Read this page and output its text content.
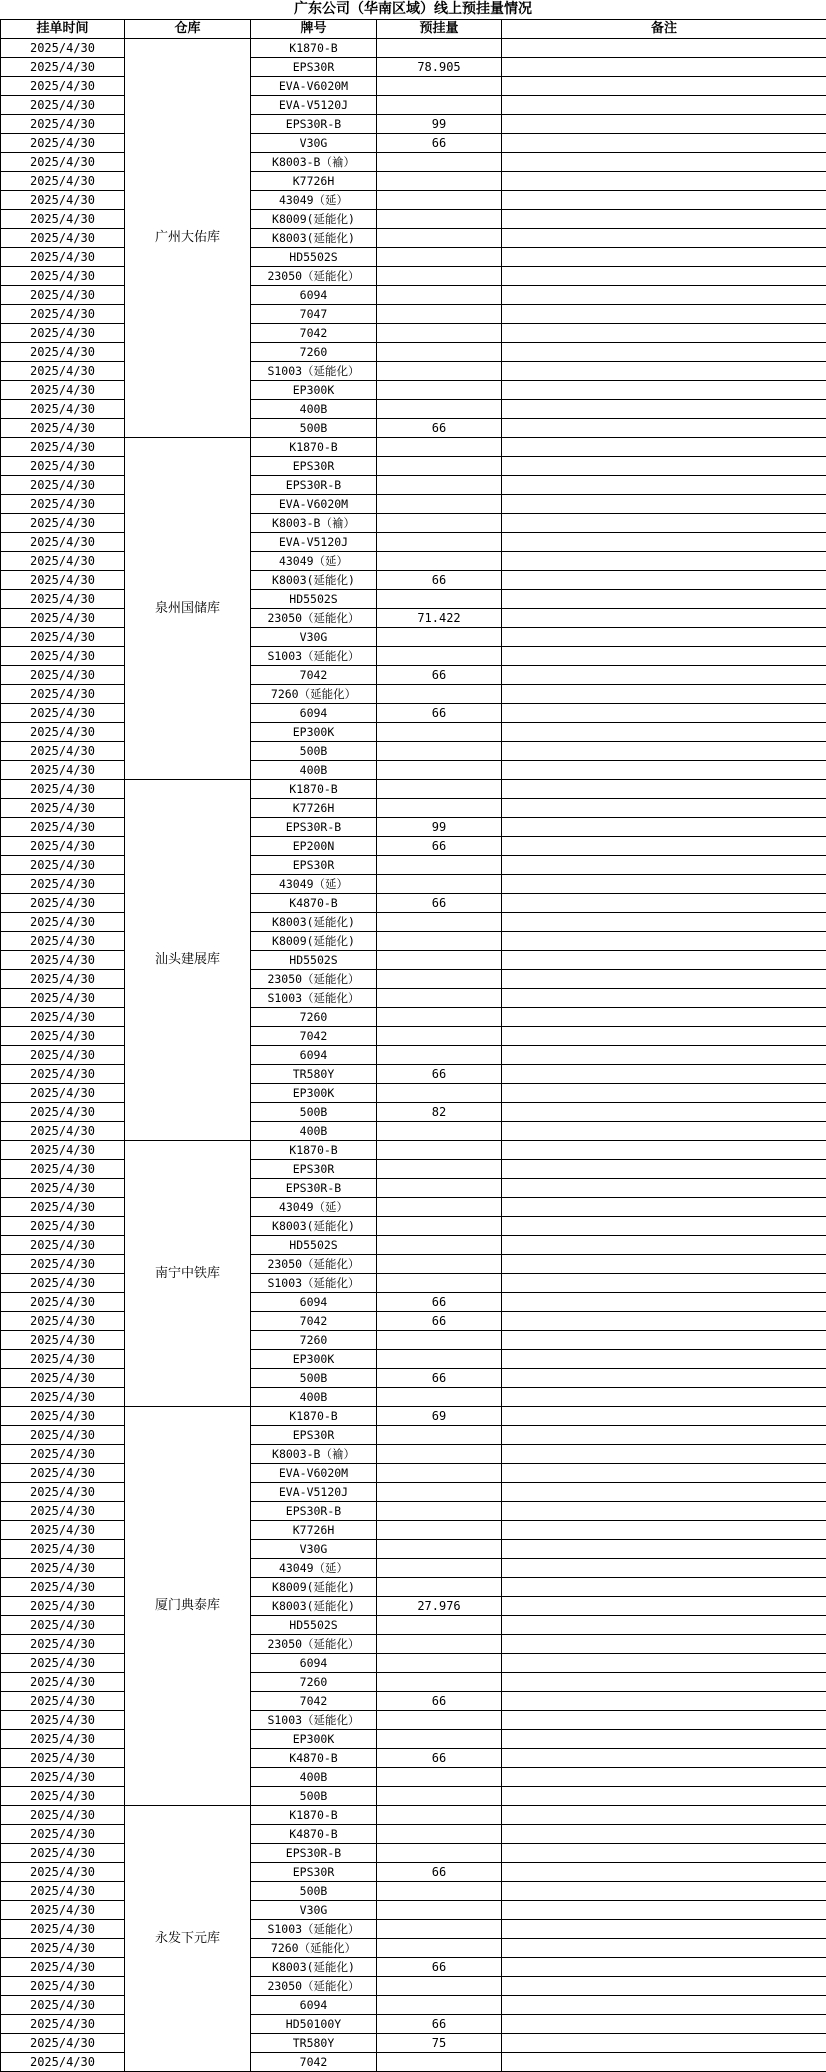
广东公司（华南区域）线上预挂量情况
挂单时间	仓库	牌号	预挂量	备注
2025/4/30	广州大佑库	K1870-B		
2025/4/30		EPS30R	78.905	
2025/4/30		EVA-V6020M		
2025/4/30		EVA-V5120J		
2025/4/30		EPS30R-B	99	
2025/4/30		V30G	66	
2025/4/30		K8003-B（褕）		
2025/4/30		K7726H		
2025/4/30		43049（延）		
2025/4/30		K8009(延能化)		
2025/4/30		K8003(延能化)		
2025/4/30		HD5502S		
2025/4/30		23050（延能化）		
2025/4/30		6094		
2025/4/30		7047		
2025/4/30		7042		
2025/4/30		7260		
2025/4/30		S1003（延能化）		
2025/4/30		EP300K		
2025/4/30		400B		
2025/4/30		500B	66	
2025/4/30	泉州国储库	K1870-B		
2025/4/30		EPS30R		
2025/4/30		EPS30R-B		
2025/4/30		EVA-V6020M		
2025/4/30		K8003-B（褕）		
2025/4/30		EVA-V5120J		
2025/4/30		43049（延）		
2025/4/30		K8003(延能化)	66	
2025/4/30		HD5502S		
2025/4/30		23050（延能化）	71.422	
2025/4/30		V30G		
2025/4/30		S1003（延能化）		
2025/4/30		7042	66	
2025/4/30		7260（延能化）		
2025/4/30		6094	66	
2025/4/30		EP300K		
2025/4/30		500B		
2025/4/30		400B		
2025/4/30	汕头建展库	K1870-B		
2025/4/30		K7726H		
2025/4/30		EPS30R-B	99	
2025/4/30		EP200N	66	
2025/4/30		EPS30R		
2025/4/30		43049（延）		
2025/4/30		K4870-B	66	
2025/4/30		K8003(延能化)		
2025/4/30		K8009(延能化)		
2025/4/30		HD5502S		
2025/4/30		23050（延能化）		
2025/4/30		S1003（延能化）		
2025/4/30		7260		
2025/4/30		7042		
2025/4/30		6094		
2025/4/30		TR580Y	66	
2025/4/30		EP300K		
2025/4/30		500B	82	
2025/4/30		400B		
2025/4/30	南宁中铁库	K1870-B		
2025/4/30		EPS30R		
2025/4/30		EPS30R-B		
2025/4/30		43049（延）		
2025/4/30		K8003(延能化)		
2025/4/30		HD5502S		
2025/4/30		23050（延能化）		
2025/4/30		S1003（延能化）		
2025/4/30		6094	66	
2025/4/30		7042	66	
2025/4/30		7260		
2025/4/30		EP300K		
2025/4/30		500B	66	
2025/4/30		400B		
2025/4/30	厦门典泰库	K1870-B	69	
2025/4/30		EPS30R		
2025/4/30		K8003-B（褕）		
2025/4/30		EVA-V6020M		
2025/4/30		EVA-V5120J		
2025/4/30		EPS30R-B		
2025/4/30		K7726H		
2025/4/30		V30G		
2025/4/30		43049（延）		
2025/4/30		K8009(延能化)		
2025/4/30		K8003(延能化)	27.976	
2025/4/30		HD5502S		
2025/4/30		23050（延能化）		
2025/4/30		6094		
2025/4/30		7260		
2025/4/30		7042	66	
2025/4/30		S1003（延能化）		
2025/4/30		EP300K		
2025/4/30		K4870-B	66	
2025/4/30		400B		
2025/4/30		500B		
2025/4/30	永发下元库	K1870-B		
2025/4/30		K4870-B		
2025/4/30		EPS30R-B		
2025/4/30		EPS30R	66	
2025/4/30		500B		
2025/4/30		V30G		
2025/4/30		S1003（延能化）		
2025/4/30		7260（延能化）		
2025/4/30		K8003(延能化)	66	
2025/4/30		23050（延能化）		
2025/4/30		6094		
2025/4/30		HD50100Y	66	
2025/4/30		TR580Y	75	
2025/4/30		7042		
